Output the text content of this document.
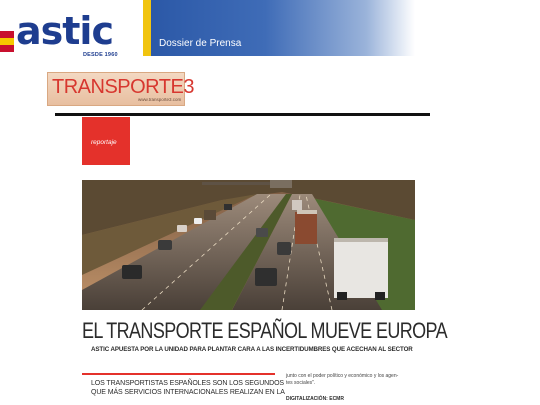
astic
DESDE 1960
Dossier de Prensa
TRANSPORTE3
www.transporte3.com
reportaje
EL TRANSPORTE ESPAÑOL MUEVE EUROPA
ASTIC APUESTA POR LA UNIDAD PARA PLANTAR CARA A LAS INCERTIDUMBRES QUE ACECHAN AL SECTOR
LOS TRANSPORTISTAS ESPAÑOLES SON LOS SEGUNDOS
QUE MÁS SERVICIOS INTERNACIONALES REALIZAN EN LA
junto con el poder político y económico y los agen-
tes sociales".
DIGITALIZACIÓN: ECMR
